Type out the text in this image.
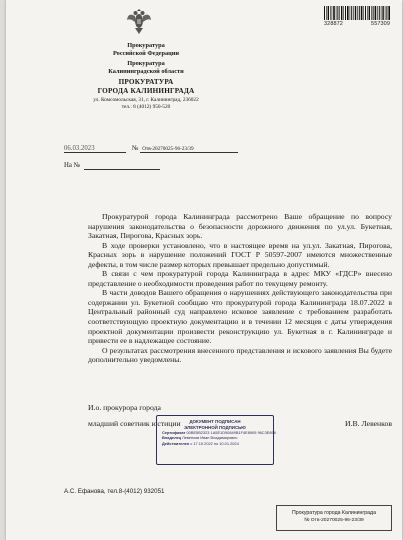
328872	557309
Прокуратура
Российской Федерации
Прокуратура
Калининградской области
ПРОКУРАТУРА
ГОРОДА КАЛИНИНГРАДА
ул. Комсомольская, 31, г. Калининград, 236022
тел.: 8 (4012) 950-520
06.03.2023	№ Отв-20270025-96-23/39
На №

Прокуратурой города Калининграда рассмотрено Ваше обращение по вопросу нарушения законодательства о безопасности дорожного движения по ул.ул. Букетная, Закатная, Пирогова, Красных зорь.

В ходе проверки установлено, что в настоящее время на ул.ул. Закатная, Пирогова, Красных зорь в нарушение положений ГОСТ Р 50597-2007 имеются множественные дефекты, в том числе размер которых превышает предельно допустимый.

В связи с чем прокуратурой города Калининграда в адрес МКУ «ГДСР» внесено представление о необходимости проведения работ по текущему ремонту.

В части доводов Вашего обращения о нарушениях действующего законодательства при содержании ул. Букетной сообщаю что прокуратурой города Калининграда 18.07.2022 в Центральный районный суд направлено исковое заявление с требованием разработать соответствующую проектную документацию и в течении 12 месяцев с даты утверждения проектной документации произвести реконструкцию ул. Букетная в г. Калининграде и привести ее в надлежащее состояние.

О результатах рассмотрения внесенного представления и искового заявления Вы будете дополнительно уведомлены.

И.о. прокурора города
младший советник юстиции	И.В. Левенков
ДОКУМЕНТ ПОДПИСАН
ЭЛЕКТРОННОЙ ПОДПИСЬЮ
Сертификат 00BE5B2323 1A5E1D90849B1F4E8905 96C3E896
Владелец Левенков Иван Владимирович
Действителен с 17.10.2022 по 10.01.2024
А.С. Ефанова, тел.8-(4012) 932051
Прокуратура города Калининграда
№ Отв-20270025-96-23/39
